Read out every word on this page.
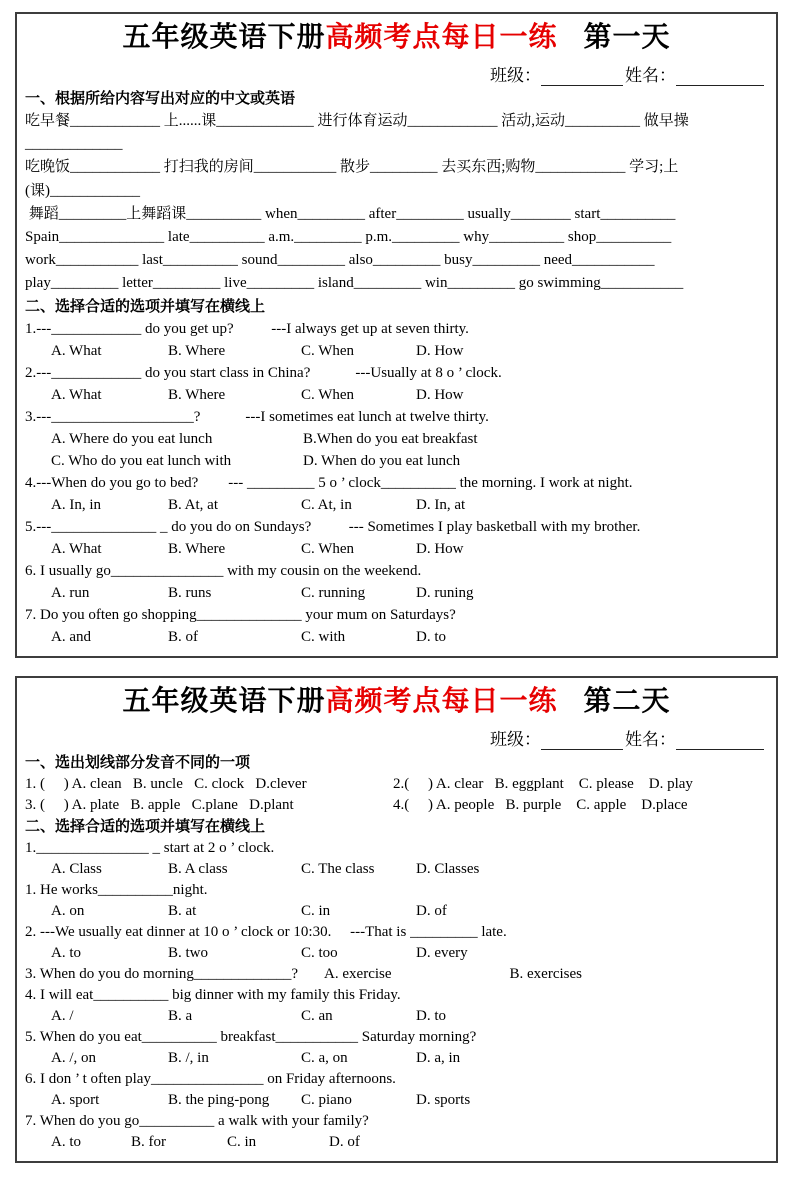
五年级英语下册高频考点每日一练 第一天
班级：	姓名：
一、根据所给内容写出对应的中文或英语
吃早餐____________ 上......课_____________ 进行体育运动____________ 活动,运动__________ 做早操_____________
吃晚饭____________ 打扫我的房间___________ 散步_________ 去买东西;购物____________ 学习;上(课)____________
舞蹈_________上舞蹈课__________ when_________ after_________ usually________ start__________
Spain______________ late__________ a.m._________ p.m._________ why__________ shop__________
work___________ last__________ sound_________ also_________ busy_________ need___________
play_________ letter_________ live_________ island_________ win_________ go swimming___________
二、选择合适的选项并填写在横线上
1.---____________ do you get up?          ---I always get up at seven thirty.
A. What	B. Where	C. When	D. How
2.---____________ do you start class in China?            ---Usually at 8 o ’ clock.
A. What	B. Where	C. When	D. How
3.---___________________?            ---I sometimes eat lunch at twelve thirty.
A. Where do you eat lunch	B.When do you eat breakfast
C. Who do you eat lunch with	D. When do you eat lunch
4.---When do you go to bed?        --- _________ 5 o ’ clock__________ the morning. I work at night.
A. In, in	B. At, at	C. At, in	D. In, at
5.---______________ _ do you do on Sundays?          --- Sometimes I play basketball with my brother.
A. What	B. Where	C. When	D. How
6. I usually go_______________ with my cousin on the weekend.
A. run	B. runs	C. running	D. runing
7. Do you often go shopping______________ your mum on Saturdays?
A. and	B. of	C. with	D. to
五年级英语下册高频考点每日一练 第二天
班级：	姓名：
一、选出划线部分发音不同的一项
1. (     ) A. clean   B. uncle   C. clock   D.clever	2.(     ) A. clear   B. eggplant    C. please    D. play
3. (     ) A. plate   B. apple   C.plane   D.plant	4.(     ) A. people   B. purple    C. apple    D.place
二、选择合适的选项并填写在横线上
1._______________ _ start at 2 o ’ clock.
A. Class	B. A class	C. The class	D. Classes
1. He works__________night.
A. on	B. at	C. in	D. of
2. ---We usually eat dinner at 10 o ’ clock or 10:30.     ---That is _________ late.
A. to	B. two	C. too	D. every
3. When do you do morning_____________? A. exercise	B. exercises
4. I will eat__________ big dinner with my family this Friday.
A. /	B. a	C. an	D. to
5. When do you eat__________ breakfast___________ Saturday morning?
A. /, on	B. /, in	C. a, on	D. a, in
6. I don ’ t often play_______________ on Friday afternoons.
A. sport	B. the ping-pong	C. piano	D. sports
7. When do you go__________ a walk with your family?
A. to	B. for	C. in	D. of
